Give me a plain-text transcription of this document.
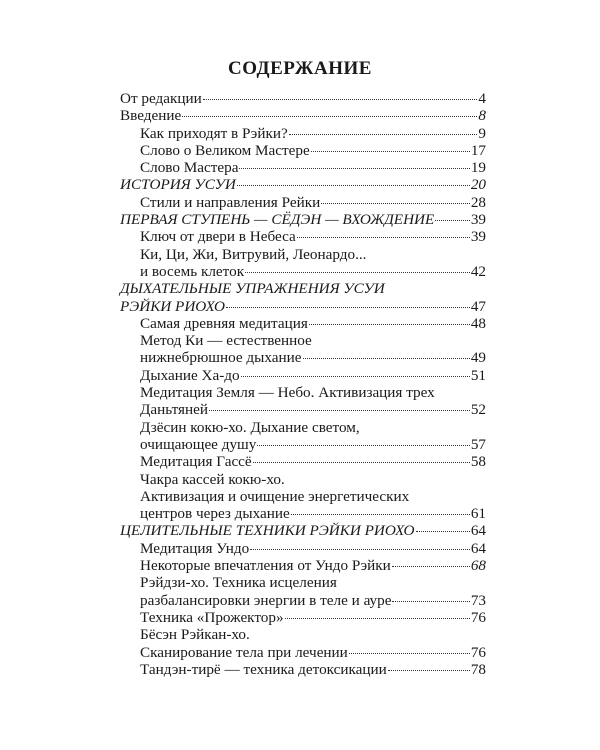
СОДЕРЖАНИЕ
От редакции	4
Введение	8
Как приходят в Рэйки?	9
Слово о Великом Мастере	17
Слово Мастера	19
ИСТОРИЯ УСУИ	20
Стили и направления Рейки	28
ПЕРВАЯ СТУПЕНЬ — СЁДЭН — ВХОЖДЕНИЕ 39
Ключ от двери в Небеса	39
Ки, Ци, Жи, Витрувий, Леонардо...
и восемь клеток	42
ДЫХАТЕЛЬНЫЕ УПРАЖНЕНИЯ УСУИ
РЭЙКИ РИОХО	47
Самая древняя медитация	48
Метод Ки — естественное
нижнебрюшное дыхание	49
Дыхание Ха-до	51
Медитация Земля — Небо. Активизация трех
Даньтяней	52
Дзёсин кокю-хо. Дыхание светом,
очищающее душу	57
Медитация Гассё	58
Чакра кассей кокю-хо.
Активизация и очищение энергетических
центров через дыхание	61
ЦЕЛИТЕЛЬНЫЕ ТЕХНИКИ РЭЙКИ РИОХО	64
Медитация Ундо	64
Некоторые впечатления от Ундо Рэйки	68
Рэйдзи-хо. Техника исцеления
разбалансировки энергии в теле и ауре	73
Техника «Прожектор»	76
Бёсэн Рэйкан-хо.
Сканирование тела при лечении	76
Тандэн-тирё — техника детоксикации	78
